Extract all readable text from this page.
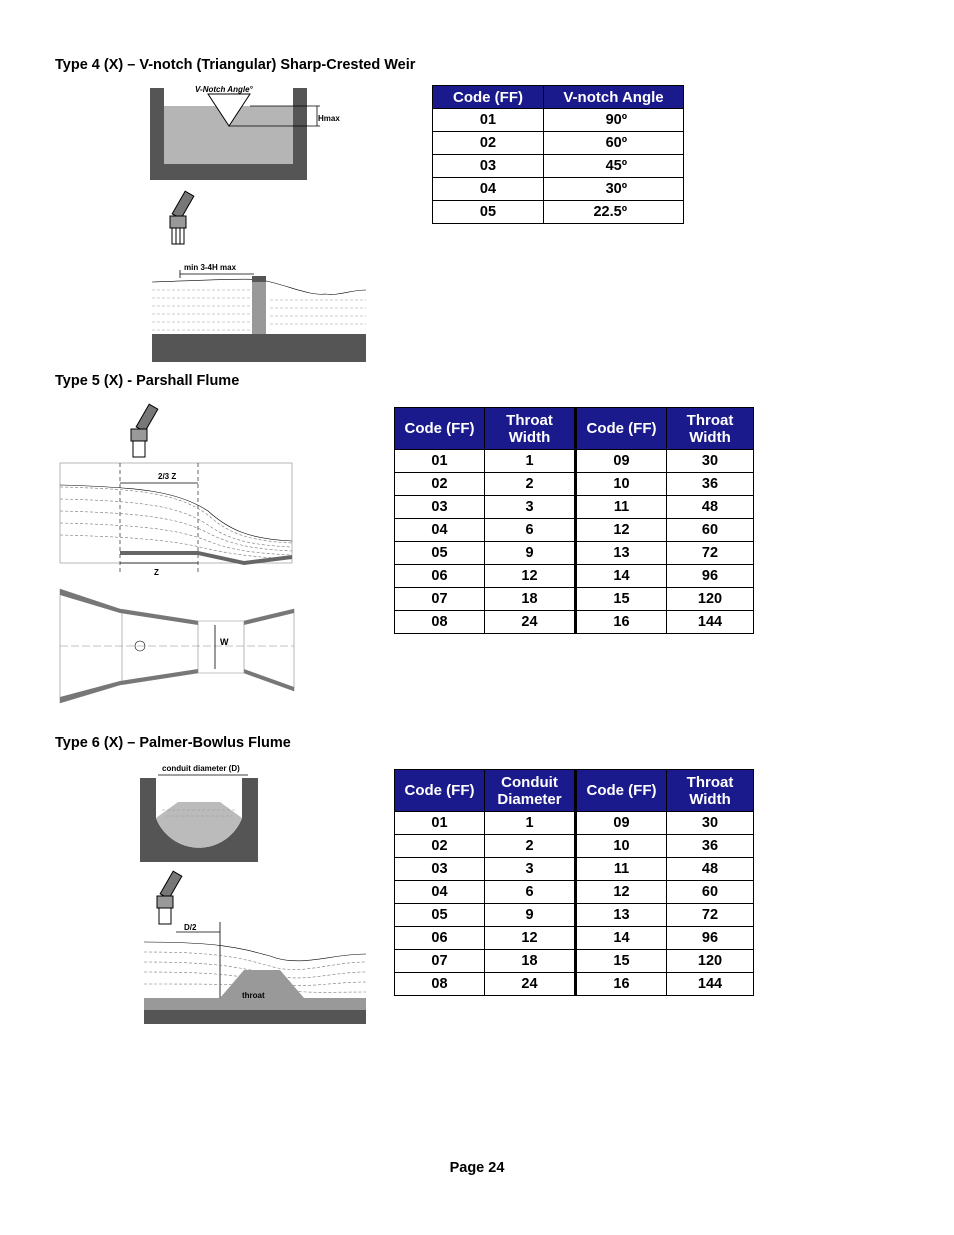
Type 4 (X) – V-notch (Triangular) Sharp-Crested Weir
V-Notch Angle°
Hmax
min 3-4H max
Code (FF)	V-notch Angle
01	90º
02	60º
03	45º
04	30º
05	22.5º
Type 5 (X) - Parshall Flume
2/3 Z
Z
W
Code (FF)	Throat Width	Code (FF)	Throat Width
01	1	09	30
02	2	10	36
03	3	11	48
04	6	12	60
05	9	13	72
06	12	14	96
07	18	15	120
08	24	16	144
Type 6 (X) – Palmer-Bowlus Flume
conduit diameter (D)
D/2
throat
Code (FF)	Conduit Diameter	Code (FF)	Throat Width
01	1	09	30
02	2	10	36
03	3	11	48
04	6	12	60
05	9	13	72
06	12	14	96
07	18	15	120
08	24	16	144
Page 24
